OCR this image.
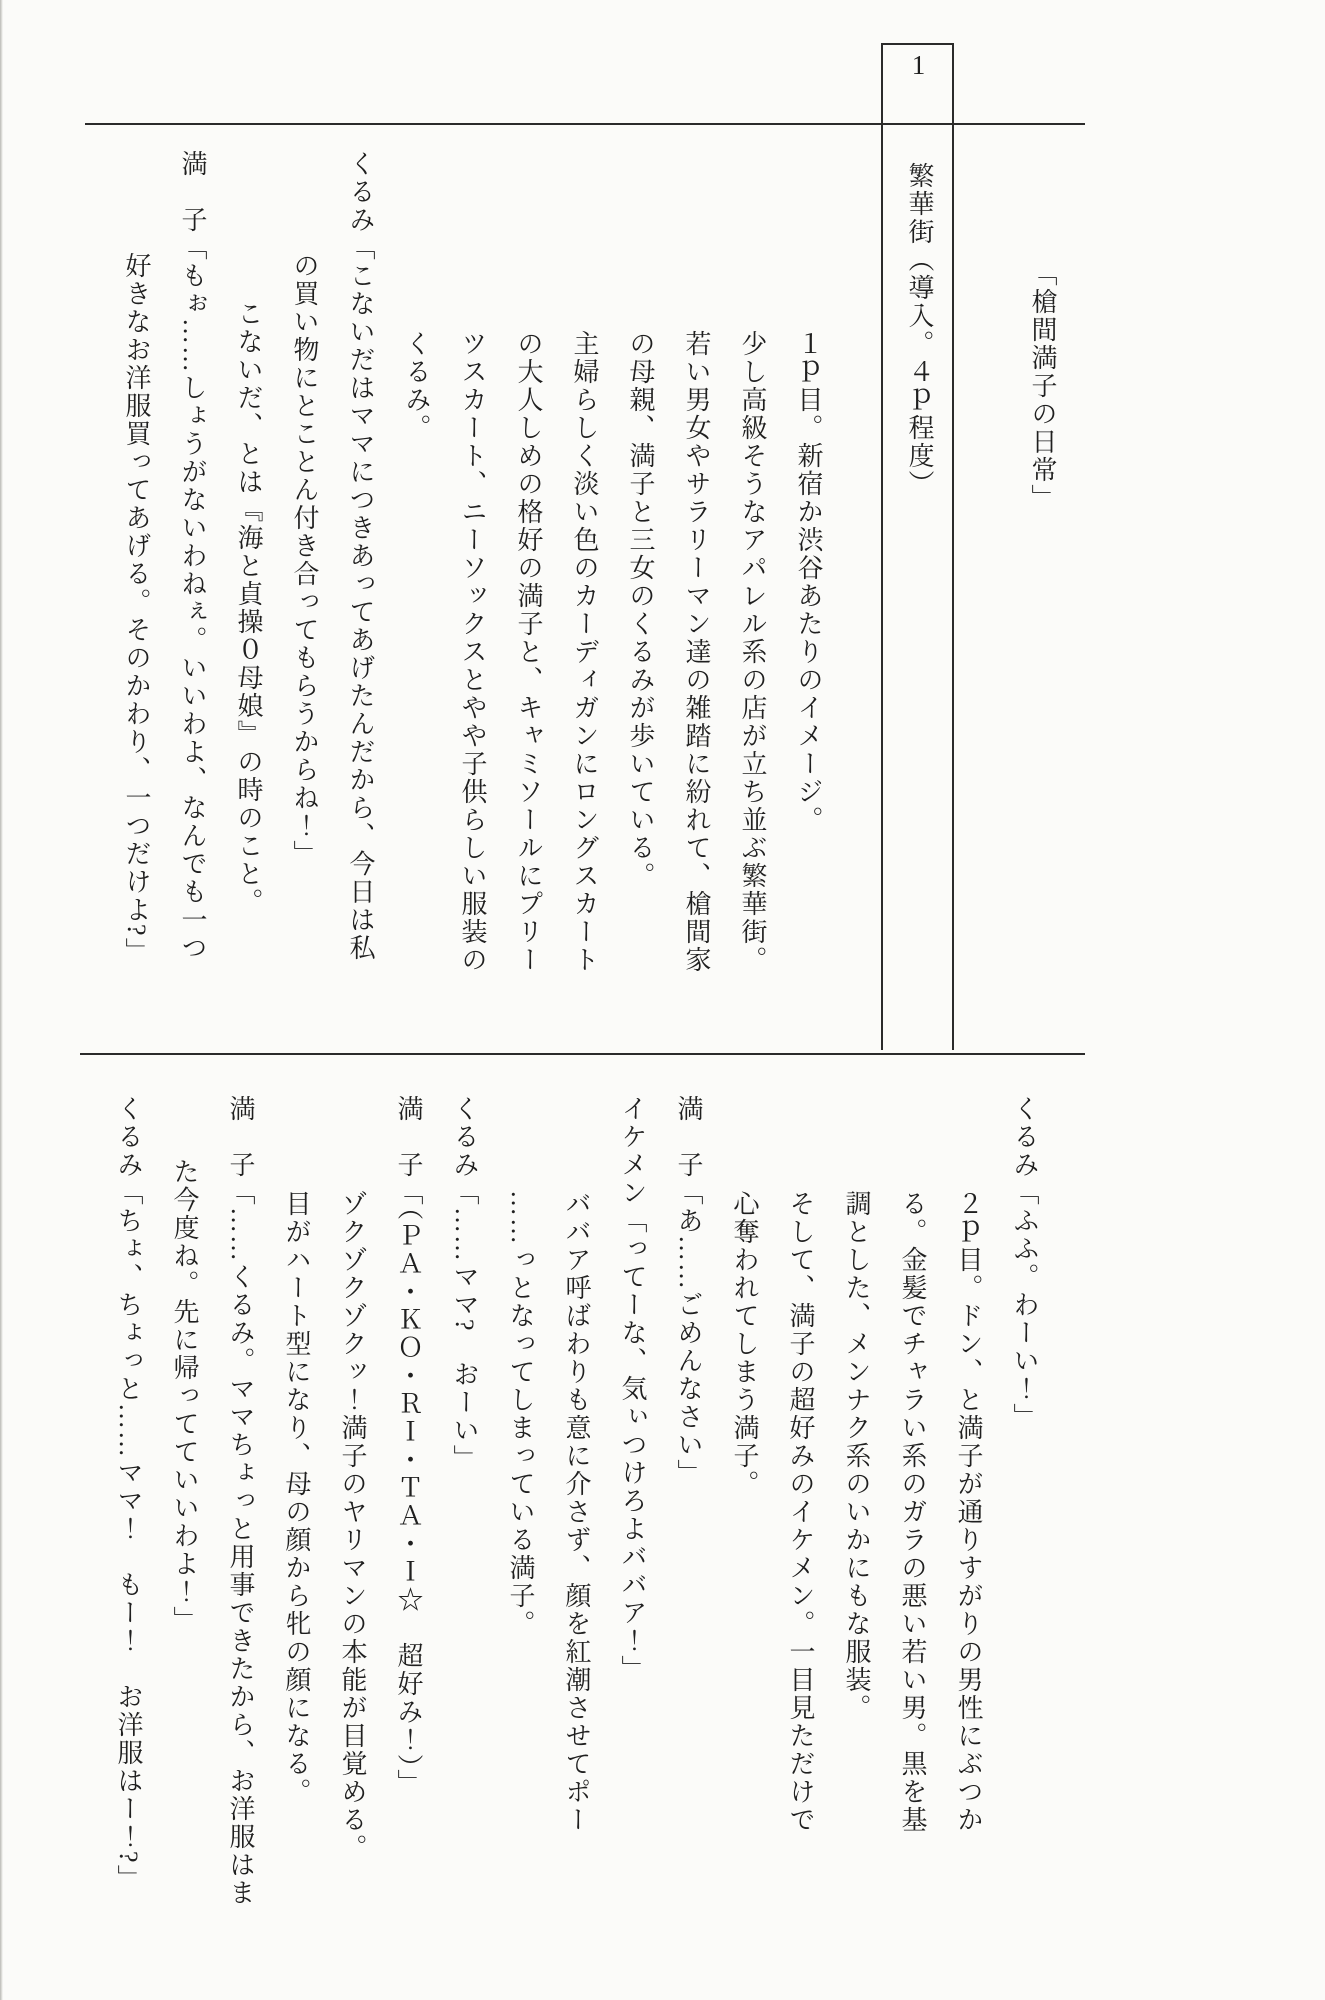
1
繁華街（導入。４ｐ程度）	「槍間満子の日常」
１ｐ目。新宿か渋谷あたりのイメージ。
少し高級そうなアパレル系の店が立ち並ぶ繁華街。
若い男女やサラリーマン達の雑踏に紛れて、槍間家
の母親、満子と三女のくるみが歩いている。
主婦らしく淡い色のカーディガンにロングスカート
の大人しめの格好の満子と、キャミソールにプリー
ツスカート、ニーソックスとやや子供らしい服装の
くるみ。
くるみ「こないだはママにつきあってあげたんだから、今日は私
の買い物にとことん付き合ってもらうからね！」
こないだ、とは『海と貞操０母娘』の時のこと。
満　子「もぉ……しょうがないわねぇ。いいわよ、なんでも一つ
好きなお洋服買ってあげる。そのかわり、一つだけよ?」
くるみ「ふふ。わーい！」
２ｐ目。ドン、と満子が通りすがりの男性にぶつか
る。金髪でチャラい系のガラの悪い若い男。黒を基
調とした、メンナク系のいかにもな服装。
そして、満子の超好みのイケメン。一目見ただけで
心奪われてしまう満子。
満　子「あ……ごめんなさい」
イケメン「ってーな、気ぃつけろよババア！」
ババア呼ばわりも意に介さず、顔を紅潮させてポー
……っとなってしまっている満子。
くるみ「……ママ?　おーい」
満　子「（ＰＡ・ＫＯ・ＲＩ・ＴＡ・Ｉ☆　超好み！）」
ゾクゾクゾクッ！満子のヤリマンの本能が目覚める。
目がハート型になり、母の顔から牝の顔になる。
満　子「……くるみ。ママちょっと用事できたから、お洋服はま
た今度ね。先に帰ってていいわよ！」
くるみ「ちょ、ちょっと……ママ！　もー！　お洋服はー！?」
